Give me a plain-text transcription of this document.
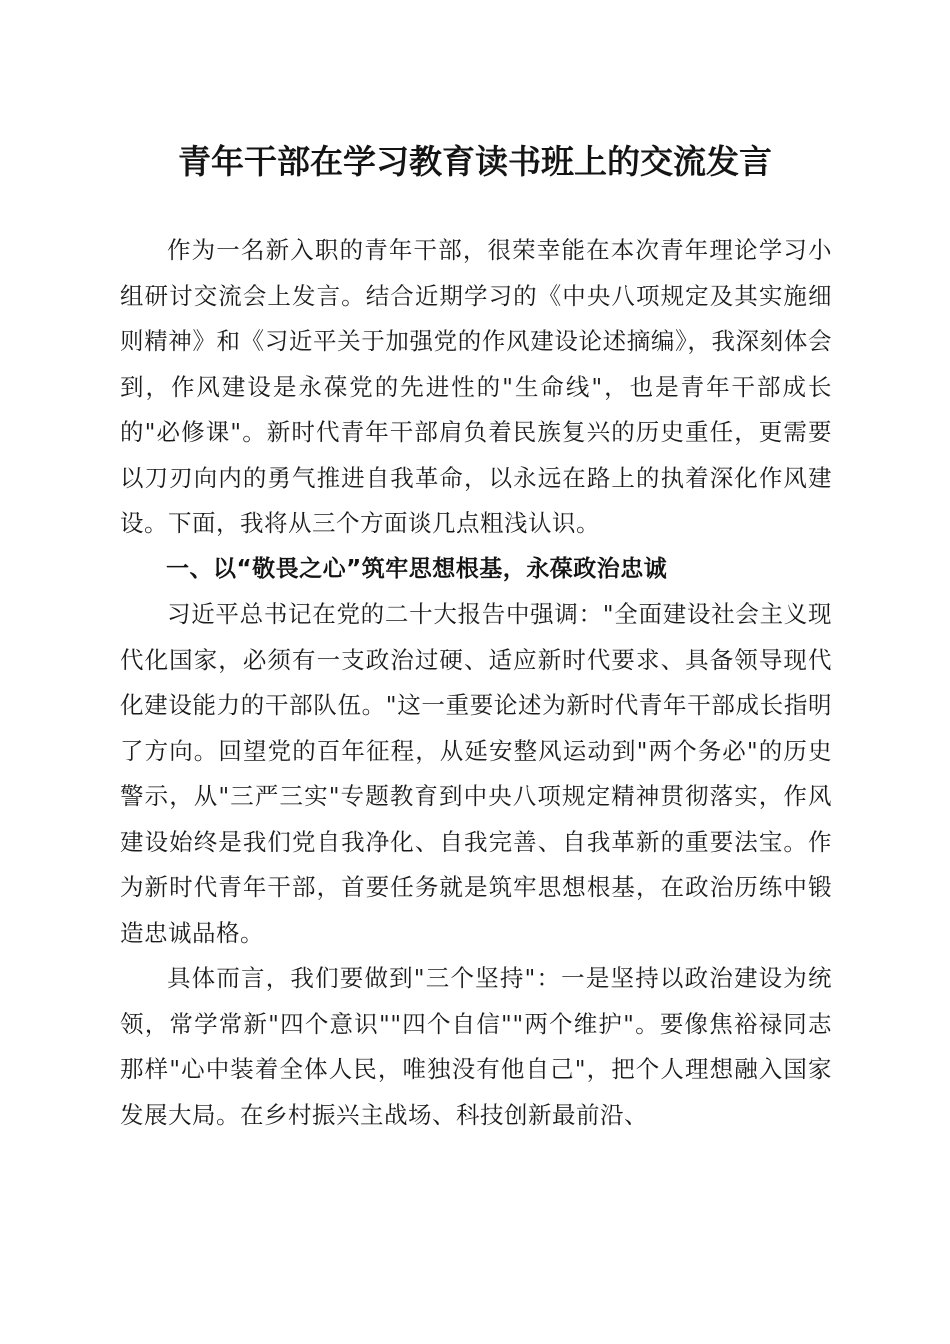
青年干部在学习教育读书班上的交流发言

作为一名新入职的青年干部，很荣幸能在本次青年理论学习小组研讨交流会上发言。结合近期学习的《中央八项规定及其实施细则精神》和《习近平关于加强党的作风建设论述摘编》，我深刻体会到，作风建设是永葆党的先进性的"生命线"，也是青年干部成长的"必修课"。新时代青年干部肩负着民族复兴的历史重任，更需要以刀刃向内的勇气推进自我革命，以永远在路上的执着深化作风建设。下面，我将从三个方面谈几点粗浅认识。

一、以“敬畏之心”筑牢思想根基，永葆政治忠诚

习近平总书记在党的二十大报告中强调："全面建设社会主义现代化国家，必须有一支政治过硬、适应新时代要求、具备领导现代化建设能力的干部队伍。"这一重要论述为新时代青年干部成长指明了方向。回望党的百年征程，从延安整风运动到"两个务必"的历史警示，从"三严三实"专题教育到中央八项规定精神贯彻落实，作风建设始终是我们党自我净化、自我完善、自我革新的重要法宝。作为新时代青年干部，首要任务就是筑牢思想根基，在政治历练中锻造忠诚品格。

具体而言，我们要做到"三个坚持"：一是坚持以政治建设为统领，常学常新"四个意识""四个自信""两个维护"。要像焦裕禄同志那样"心中装着全体人民，唯独没有他自己"，把个人理想融入国家发展大局。在乡村振兴主战场、科技创新最前沿、
